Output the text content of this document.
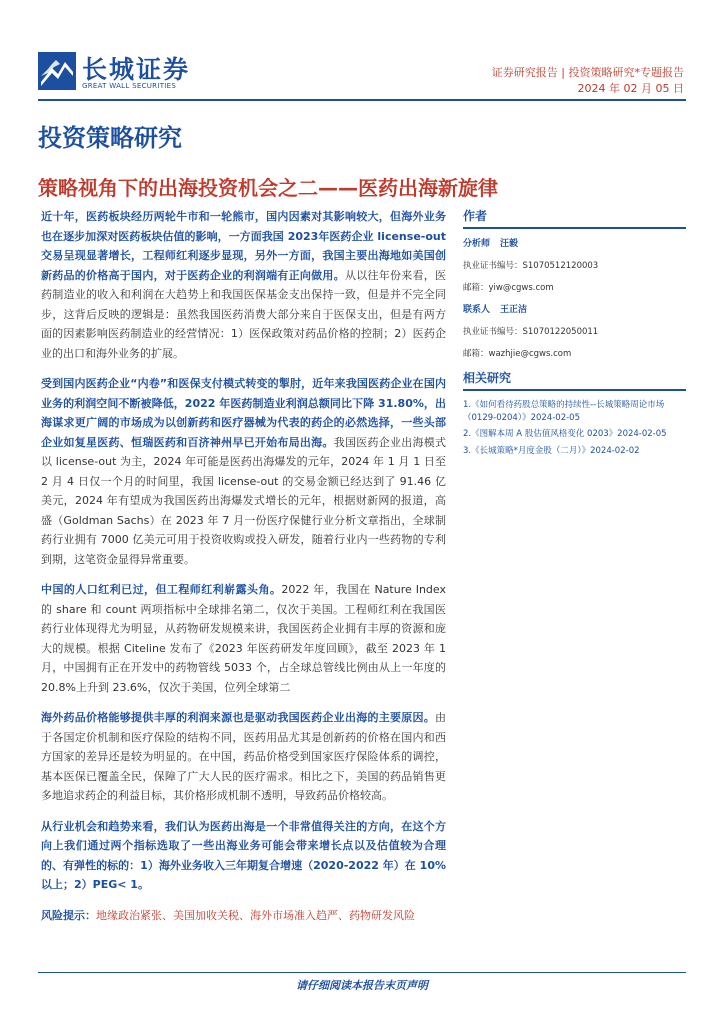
长城证券
GREAT WALL SECURITIES
证券研究报告 | 投资策略研究*专题报告
2024 年 02 月 05 日
投资策略研究
策略视角下的出海投资机会之二——医药出海新旋律

近十年，医药板块经历两轮牛市和一轮熊市，国内因素对其影响较大，但海外业务也在逐步加深对医药板块估值的影响，一方面我国 2023年医药企业 license-out 交易呈现显著增长，工程师红利逐步显现，另外一方面，我国主要出海地如美国创新药品的价格高于国内，对于医药企业的利润端有正向做用。从以往年份来看，医药制造业的收入和利润在大趋势上和我国医保基金支出保持一致，但是并不完全同步，这背后反映的逻辑是：虽然我国医药消费大部分来自于医保支出，但是有两方面的因素影响医药制造业的经营情况：1）医保政策对药品价格的控制；2）医药企业的出口和海外业务的扩展。

受到国内医药企业“内卷”和医保支付模式转变的掣肘，近年来我国医药企业在国内业务的利润空间不断被降低，2022 年医药制造业利润总额同比下降 31.80%，出海谋求更广阔的市场成为以创新药和医疗器械为代表的药企的必然选择，一些头部企业如复星医药、恒瑞医药和百济神州早已开始布局出海。我国医药企业出海模式以 license-out 为主，2024 年可能是医药出海爆发的元年，2024 年 1 月 1 日至 2 月 4 日仅一个月的时间里，我国 license-out 的交易金额已经达到了 91.46 亿美元，2024 年有望成为我国医药出海爆发式增长的元年，根据财新网的报道，高盛（Goldman Sachs）在 2023 年 7 月一份医疗保健行业分析文章指出，全球制药行业拥有 7000 亿美元可用于投资收购或投入研发，随着行业内一些药物的专利到期，这笔资金显得异常重要。

中国的人口红利已过，但工程师红利崭露头角。2022 年，我国在 Nature Index 的 share 和 count 两项指标中全球排名第二，仅次于美国。工程师红利在我国医药行业体现得尤为明显，从药物研发规模来讲，我国医药企业拥有丰厚的资源和庞大的规模。根据 Citeline 发布了《2023 年医药研发年度回顾》，截至 2023 年 1 月，中国拥有正在开发中的药物管线 5033 个，占全球总管线比例由从上一年度的 20.8%上升到 23.6%，仅次于美国，位列全球第二

海外药品价格能够提供丰厚的利润来源也是驱动我国医药企业出海的主要原因。由于各国定价机制和医疗保险的结构不同，医药用品尤其是创新药的价格在国内和西方国家的差异还是较为明显的。在中国，药品价格受到国家医疗保险体系的调控，基本医保已覆盖全民，保障了广大人民的医疗需求。相比之下，美国的药品销售更多地追求药企的利益目标，其价格形成机制不透明，导致药品价格较高。

从行业机会和趋势来看，我们认为医药出海是一个非常值得关注的方向，在这个方向上我们通过两个指标选取了一些出海业务可能会带来增长点以及估值较为合理的、有弹性的标的：1）海外业务收入三年期复合增速（2020-2022 年）在 10%以上；2）PEG< 1。

风险提示：地缘政治紧张、美国加收关税、海外市场准入趋严、药物研发风险

作者
分析师 汪毅
执业证书编号：S1070512120003
邮箱：yiw@cgws.com
联系人 王正洁
执业证书编号：S1070122050011
邮箱：wazhjie@cgws.com
相关研究
1.《如何看待药股总策略的持续性--长城策略周论市场（0129-0204）》2024-02-05
2.《图解本周 A 股估值风格变化 0203》2024-02-05
3.《长城策略*月度金股（二月）》2024-02-02
请仔细阅读本报告末页声明
